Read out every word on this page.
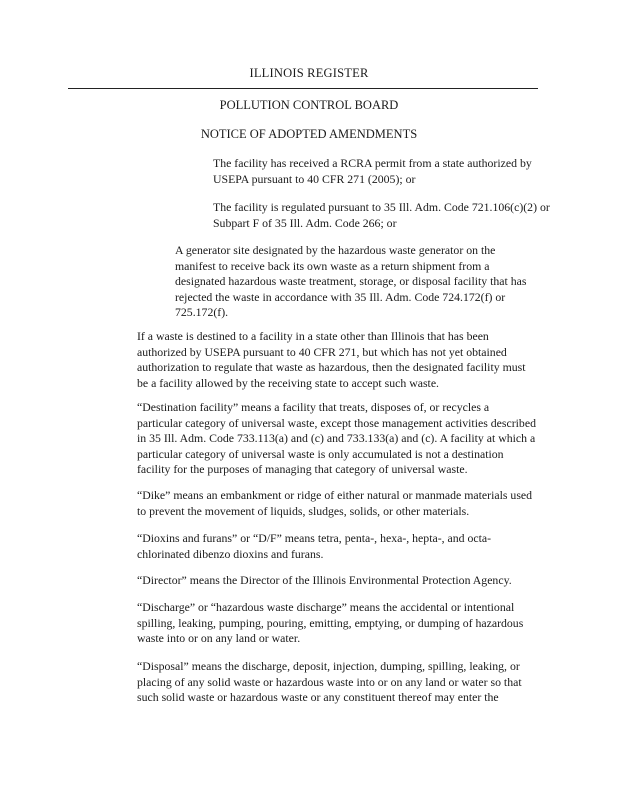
ILLINOIS REGISTER
POLLUTION CONTROL BOARD
NOTICE OF ADOPTED AMENDMENTS

The facility has received a RCRA permit from a state authorized by USEPA pursuant to 40 CFR 271 (2005); or

The facility is regulated pursuant to 35 Ill. Adm. Code 721.106(c)(2) or Subpart F of 35 Ill. Adm. Code 266; or

A generator site designated by the hazardous waste generator on the manifest to receive back its own waste as a return shipment from a designated hazardous waste treatment, storage, or disposal facility that has rejected the waste in accordance with 35 Ill. Adm. Code 724.172(f) or 725.172(f).

If a waste is destined to a facility in a state other than Illinois that has been authorized by USEPA pursuant to 40 CFR 271, but which has not yet obtained authorization to regulate that waste as hazardous, then the designated facility must be a facility allowed by the receiving state to accept such waste.

“Destination facility” means a facility that treats, disposes of, or recycles a particular category of universal waste, except those management activities described in 35 Ill. Adm. Code 733.113(a) and (c) and 733.133(a) and (c). A facility at which a particular category of universal waste is only accumulated is not a destination facility for the purposes of managing that category of universal waste.

“Dike” means an embankment or ridge of either natural or manmade materials used to prevent the movement of liquids, sludges, solids, or other materials.

“Dioxins and furans” or “D/F” means tetra, penta-, hexa-, hepta-, and octa-chlorinated dibenzo dioxins and furans.

“Director” means the Director of the Illinois Environmental Protection Agency.

“Discharge” or “hazardous waste discharge” means the accidental or intentional spilling, leaking, pumping, pouring, emitting, emptying, or dumping of hazardous waste into or on any land or water.

“Disposal” means the discharge, deposit, injection, dumping, spilling, leaking, or placing of any solid waste or hazardous waste into or on any land or water so that such solid waste or hazardous waste or any constituent thereof may enter the
